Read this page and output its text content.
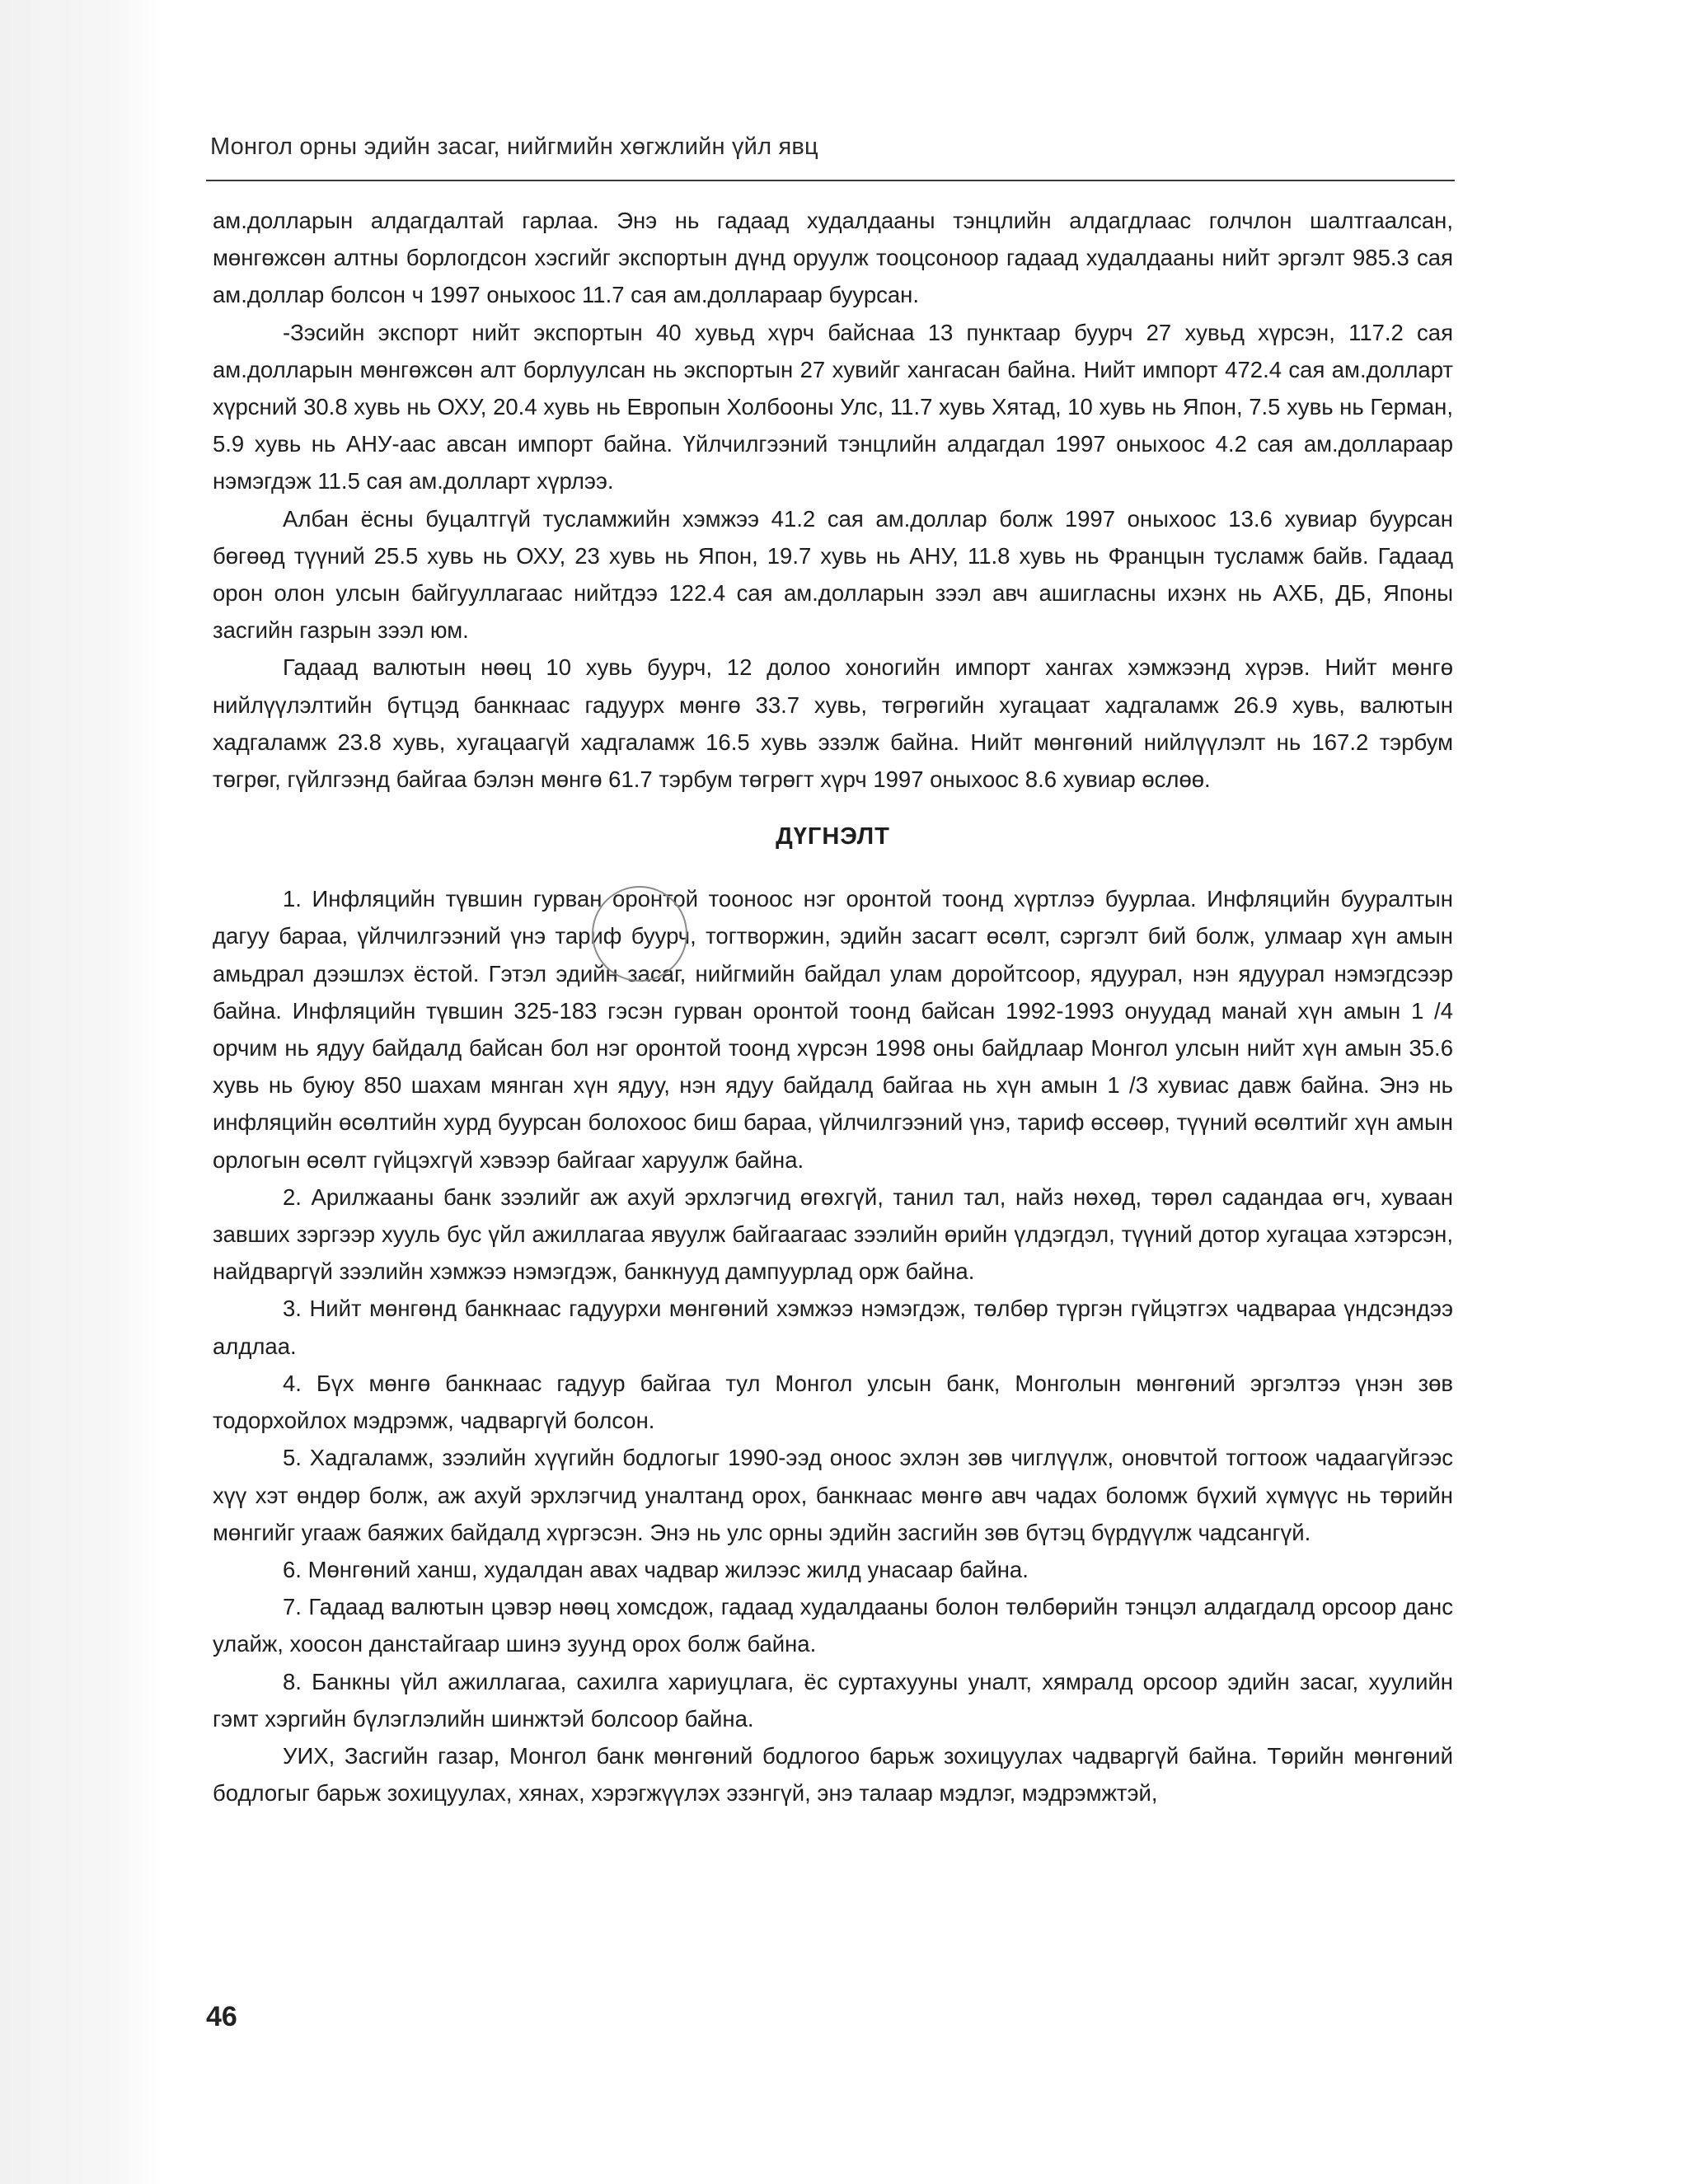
Монгол орны эдийн засаг, нийгмийн хөгжлийн үйл явц

ам.долларын алдагдалтай гарлаа. Энэ нь гадаад худалдааны тэнцлийн алдагдлаас голчлон шалтгаалсан, мөнгөжсөн алтны борлогдсон хэсгийг экспортын дүнд оруулж тооцсоноор гадаад худалдааны нийт эргэлт 985.3 сая ам.доллар болсон ч 1997 оныхоос 11.7 сая ам.доллараар буурсан.

-Зэсийн экспорт нийт экспортын 40 хувьд хүрч байснаа 13 пунктаар буурч 27 хувьд хүрсэн, 117.2 сая ам.долларын мөнгөжсөн алт борлуулсан нь экспортын 27 хувийг хангасан байна. Нийт импорт 472.4 сая ам.долларт хүрсний 30.8 хувь нь ОХУ, 20.4 хувь нь Европын Холбооны Улс, 11.7 хувь Хятад, 10 хувь нь Япон, 7.5 хувь нь Герман, 5.9 хувь нь АНУ-аас авсан импорт байна. Үйлчилгээний тэнцлийн алдагдал 1997 оныхоос 4.2 сая ам.доллараар нэмэгдэж 11.5 сая ам.долларт хүрлээ.

Албан ёсны буцалтгүй тусламжийн хэмжээ 41.2 сая ам.доллар болж 1997 оныхоос 13.6 хувиар буурсан бөгөөд түүний 25.5 хувь нь ОХУ, 23 хувь нь Япон, 19.7 хувь нь АНУ, 11.8 хувь нь Францын тусламж байв. Гадаад орон олон улсын байгууллагаас нийтдээ 122.4 сая ам.долларын зээл авч ашигласны ихэнх нь АХБ, ДБ, Японы засгийн газрын зээл юм.

Гадаад валютын нөөц 10 хувь буурч, 12 долоо хоногийн импорт хангах хэмжээнд хүрэв. Нийт мөнгө нийлүүлэлтийн бүтцэд банкнаас гадуурх мөнгө 33.7 хувь, төгрөгийн хугацаат хадгаламж 26.9 хувь, валютын хадгаламж 23.8 хувь, хугацаагүй хадгаламж 16.5 хувь эзэлж байна. Нийт мөнгөний нийлүүлэлт нь 167.2 тэрбум төгрөг, гүйлгээнд байгаа бэлэн мөнгө 61.7 тэрбум төгрөгт хүрч 1997 оныхоос 8.6 хувиар өслөө.

ДҮГНЭЛТ

1. Инфляцийн түвшин гурван оронтой тооноос нэг оронтой тоонд хүртлээ буурлаа. Инфляцийн бууралтын дагуу бараа, үйлчилгээний үнэ тариф буурч, тогтворжин, эдийн засагт өсөлт, сэргэлт бий болж, улмаар хүн амын амьдрал дээшлэх ёстой. Гэтэл эдийн засаг, нийгмийн байдал улам доройтсоор, ядуурал, нэн ядуурал нэмэгдсээр байна. Инфляцийн түвшин 325-183 гэсэн гурван оронтой тоонд байсан 1992-1993 онуудад манай хүн амын 1 /4 орчим нь ядуу байдалд байсан бол нэг оронтой тоонд хүрсэн 1998 оны байдлаар Монгол улсын нийт хүн амын 35.6 хувь нь буюу 850 шахам мянган хүн ядуу, нэн ядуу байдалд байгаа нь хүн амын 1 /3 хувиас давж байна. Энэ нь инфляцийн өсөлтийн хурд буурсан болохоос биш бараа, үйлчилгээний үнэ, тариф өссөөр, түүний өсөлтийг хүн амын орлогын өсөлт гүйцэхгүй хэвээр байгааг харуулж байна.

2. Арилжааны банк зээлийг аж ахуй эрхлэгчид өгөхгүй, танил тал, найз нөхөд, төрөл садандаа өгч, хуваан завших зэргээр хууль бус үйл ажиллагаа явуулж байгаагаас зээлийн өрийн үлдэгдэл, түүний дотор хугацаа хэтэрсэн, найдваргүй зээлийн хэмжээ нэмэгдэж, банкнууд дампуурлад орж байна.

3. Нийт мөнгөнд банкнаас гадуурхи мөнгөний хэмжээ нэмэгдэж, төлбөр түргэн гүйцэтгэх чадвараа үндсэндээ алдлаа.

4. Бүх мөнгө банкнаас гадуур байгаа тул Монгол улсын банк, Монголын мөнгөний эргэлтээ үнэн зөв тодорхойлох мэдрэмж, чадваргүй болсон.

5. Хадгаламж, зээлийн хүүгийн бодлогыг 1990-ээд оноос эхлэн зөв чиглүүлж, оновчтой тогтоож чадаагүйгээс хүү хэт өндөр болж, аж ахуй эрхлэгчид уналтанд орох, банкнаас мөнгө авч чадах боломж бүхий хүмүүс нь төрийн мөнгийг угааж баяжих байдалд хүргэсэн. Энэ нь улс орны эдийн засгийн зөв бүтэц бүрдүүлж чадсангүй.

6. Мөнгөний ханш, худалдан авах чадвар жилээс жилд унасаар байна.

7. Гадаад валютын цэвэр нөөц хомсдож, гадаад худалдааны болон төлбөрийн тэнцэл алдагдалд орсоор данс улайж, хоосон данстайгаар шинэ зуунд орох болж байна.

8. Банкны үйл ажиллагаа, сахилга хариуцлага, ёс суртахууны уналт, хямралд орсоор эдийн засаг, хуулийн гэмт хэргийн бүлэглэлийн шинжтэй болсоор байна.

УИХ, Засгийн газар, Монгол банк мөнгөний бодлогоо барьж зохицуулах чадваргүй байна. Төрийн мөнгөний бодлогыг барьж зохицуулах, хянах, хэрэгжүүлэх эзэнгүй, энэ талаар мэдлэг, мэдрэмжтэй,

46
